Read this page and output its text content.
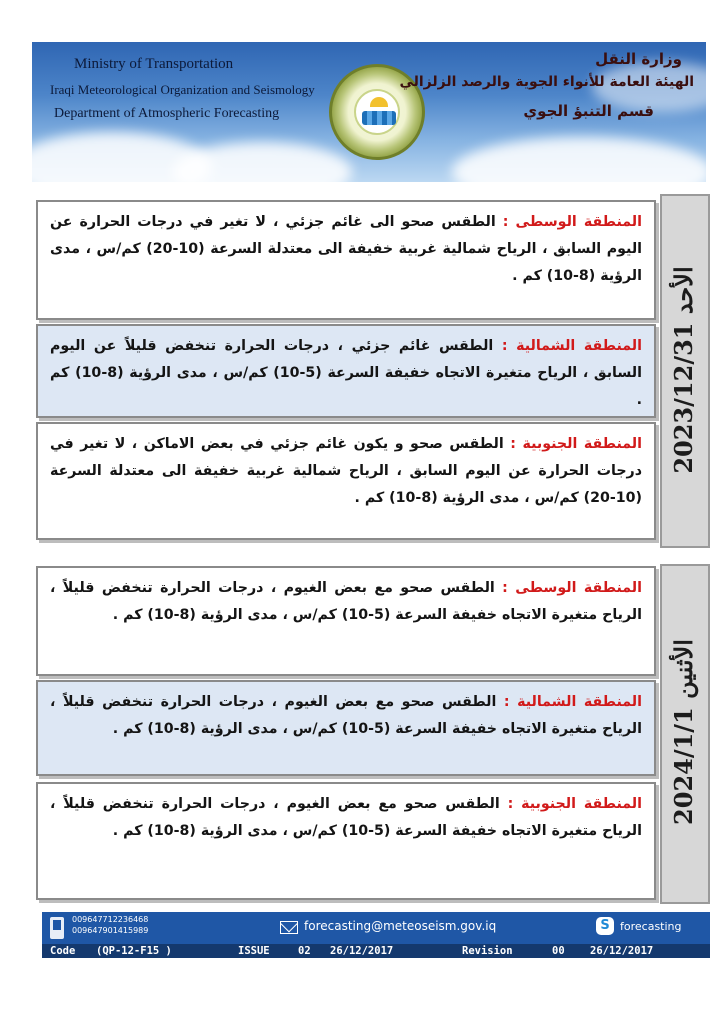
Ministry of Transportation
Iraqi Meteorological Organization and Seismology
Department of Atmospheric Forecasting
وزارة النقل
الهيئة العامة للأنواء الجوية والرصد الزلزالي
قسم التنبؤ الجوي
الأحد 2023/12/31
المنطقة الوسطى : الطقس صحو الى غائم جزئي ، لا تغير في درجات الحرارة عن اليوم السابق ، الرياح شمالية غربية خفيفة الى معتدلة السرعة (10-20) كم/س ، مدى الرؤية (8-10) كم .
المنطقة الشمالية : الطقس غائم جزئي ، درجات الحرارة تنخفض قليلاً عن اليوم السابق ، الرياح متغيرة الاتجاه خفيفة السرعة (5-10) كم/س ، مدى الرؤية (8-10) كم .
المنطقة الجنوبية : الطقس صحو و يكون غائم جزئي في بعض الاماكن ، لا تغير في درجات الحرارة عن اليوم السابق ، الرياح شمالية غربية خفيفة الى معتدلة السرعة (10-20) كم/س ، مدى الرؤية (8-10) كم .
الأثنين 2024/1/1
المنطقة الوسطى : الطقس صحو مع بعض الغيوم ، درجات الحرارة تنخفض قليلاً ، الرياح متغيرة الاتجاه خفيفة السرعة (5-10) كم/س ، مدى الرؤية (8-10) كم .
المنطقة الشمالية : الطقس صحو مع بعض الغيوم ، درجات الحرارة تنخفض قليلاً ، الرياح متغيرة الاتجاه خفيفة السرعة (5-10) كم/س ، مدى الرؤية (8-10) كم .
المنطقة الجنوبية : الطقس صحو مع بعض الغيوم ، درجات الحرارة تنخفض قليلاً ، الرياح متغيرة الاتجاه خفيفة السرعة (5-10) كم/س ، مدى الرؤية (8-10) كم .
009647712236468
009647901415989	forecasting@meteoseism.gov.iq	S forecasting
Code (QP-12-F15 )	ISSUE	02 26/12/2017	Revision	00 26/12/2017
